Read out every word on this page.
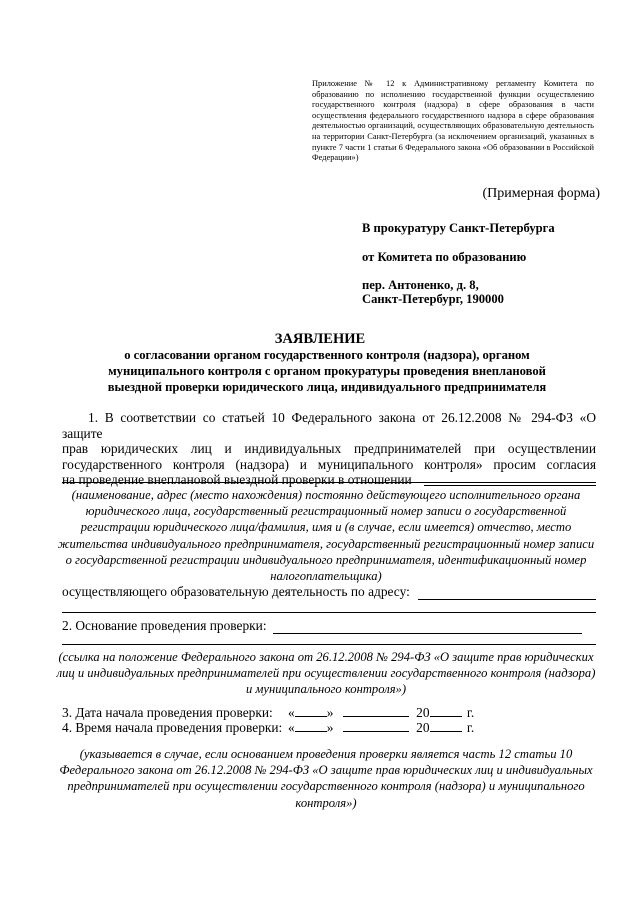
Приложение № 12 к Административному регламенту Комитета по образованию по исполнению государственной функции осуществлению государственного контроля (надзора) в сфере образования в части осуществления федерального государственного надзора в сфере образования деятельностью организаций, осуществляющих образовательную деятельность на территории Санкт-Петербурга (за исключением организаций, указанных в пункте 7 части 1 статьи 6 Федерального закона «Об образовании в Российской Федерации»)
(Примерная форма)
В прокуратуру Санкт-Петербурга
от Комитета по образованию
пер. Антоненко, д. 8,
Санкт-Петербург, 190000
ЗАЯВЛЕНИЕ
о согласовании органом государственного контроля (надзора), органом муниципального контроля с органом прокуратуры проведения внеплановой выездной проверки юридического лица, индивидуального предпринимателя
1. В соответствии со статьей 10 Федерального закона от 26.12.2008 № 294-ФЗ «О защите
прав юридических лиц и индивидуальных предпринимателей при осуществлении
государственного контроля (надзора) и муниципального контроля» просим согласия
на проведение внеплановой выездной проверки в отношении
(наименование, адрес (место нахождения) постоянно действующего исполнительного органа юридического лица, государственный регистрационный номер записи о государственной регистрации юридического лица/фамилия, имя и (в случае, если имеется) отчество, место жительства индивидуального предпринимателя, государственный регистрационный номер записи о государственной регистрации индивидуального предпринимателя, идентификационный номер налогоплательщика)
осуществляющего образовательную деятельность по адресу:
2. Основание проведения проверки:
(ссылка на положение Федерального закона от 26.12.2008 № 294-ФЗ «О защите прав юридических лиц и индивидуальных предпринимателей при осуществлении государственного контроля (надзора) и муниципального контроля»)
3. Дата начала проведения проверки: « »	20	г.
4. Время начала проведения проверки: « »	20	г.
(указывается в случае, если основанием проведения проверки является часть 12 статьи 10 Федерального закона от 26.12.2008 № 294-ФЗ «О защите прав юридических лиц и индивидуальных предпринимателей при осуществлении государственного контроля (надзора) и муниципального контроля»)
